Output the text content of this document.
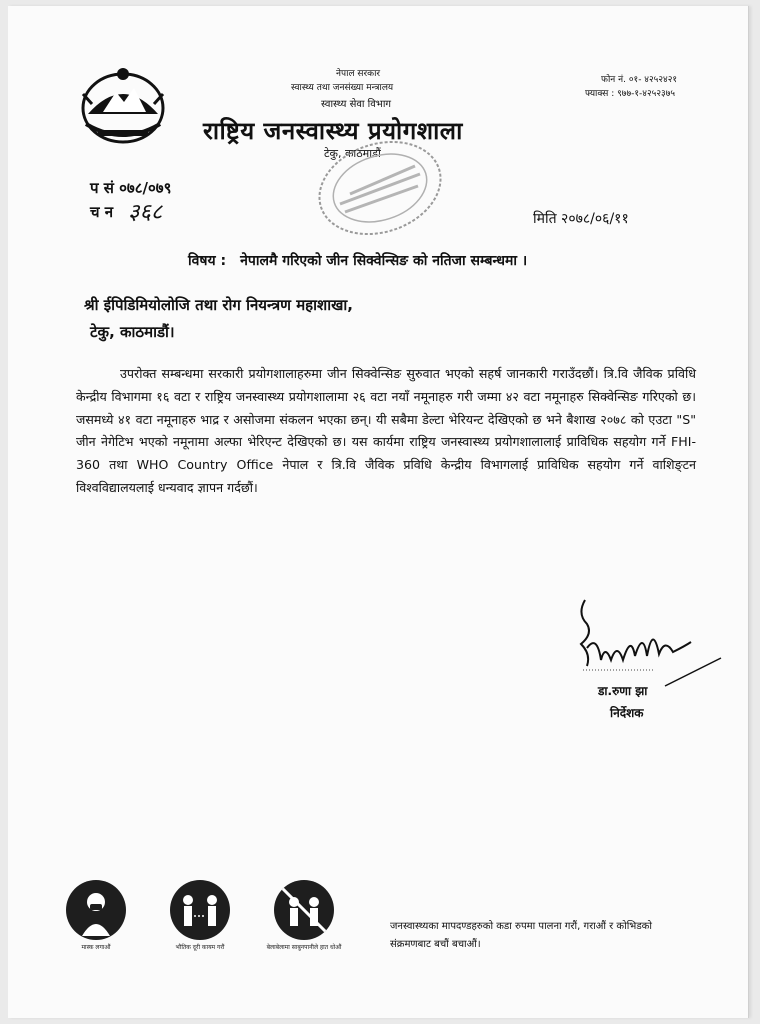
नेपाल सरकार
स्वास्थ्य तथा जनसंख्या मन्त्रालय
स्वास्थ्य सेवा विभाग
राष्ट्रिय जनस्वास्थ्य प्रयोगशाला
टेकु, काठमाडौं
फोन नं. ०१- ४२५२४२१
फ्याक्स : ९७७-१-४२५२३७५
प सं ०७८/०७९
च न ३६८	मिति २०७८/०६/११
विषय : नेपालमै गरिएको जीन सिक्वेन्सिङ को नतिजा सम्बन्धमा ।
श्री ईपिडिमियोलोजि तथा रोग नियन्त्रण महाशाखा,
टेकु, काठमाडौं।
उपरोक्त सम्बन्धमा सरकारी प्रयोगशालाहरुमा जीन सिक्वेन्सिङ सुरुवात भएको सहर्ष जानकारी गराउँदछौं। त्रि.वि जैविक प्रविधि केन्द्रीय विभागमा १६ वटा र राष्ट्रिय जनस्वास्थ्य प्रयोगशालामा २६ वटा नयाँ नमूनाहरु गरी जम्मा ४२ वटा नमूनाहरु सिक्वेन्सिङ गरिएको छ। जसमध्ये ४१ वटा नमूनाहरु भाद्र र असोजमा संकलन भएका छन्। यी सबैमा डेल्टा भेरियन्ट देखिएको छ भने बैशाख २०७८ को एउटा "S" जीन नेगेटिभ भएको नमूनामा अल्फा भेरिएन्ट देखिएको छ। यस कार्यमा राष्ट्रिय जनस्वास्थ्य प्रयोगशालालाई प्राविधिक सहयोग गर्ने FHI-360 तथा WHO Country Office नेपाल र त्रि.वि जैविक प्रविधि केन्द्रीय विभागलाई प्राविधिक सहयोग गर्ने वाशिङ्टन विश्वविद्यालयलाई धन्यवाद ज्ञापन गर्दछौं।
डा.रुणा झा
निर्देशक
मास्क लगाऔं	भौतिक दूरी कायम गरौं	बेलाबेलामा साबुनपानीले हात धोऔं
जनस्वास्थ्यका मापदण्डहरुको कडा रुपमा पालना गरौं, गराऔं र कोभिडको संक्रमणबाट बचौं बचाऔं।
